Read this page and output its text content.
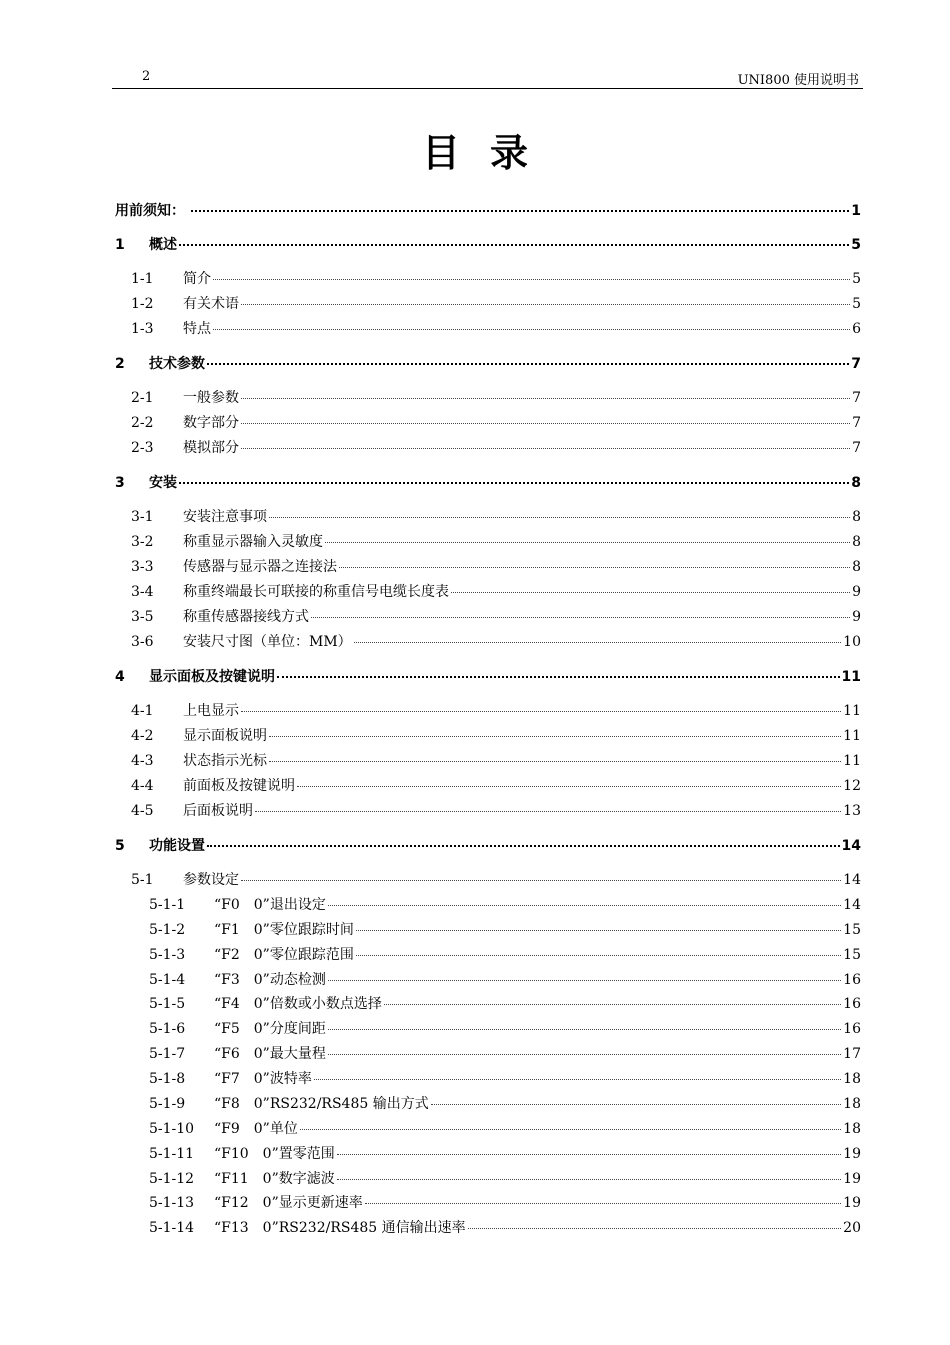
2	UNI800 使用说明书
目录
用前须知：	1
1	概述	5
1-1	简介	5
1-2	有关术语	5
1-3	特点	6
2	技术参数	7
2-1	一般参数	7
2-2	数字部分	7
2-3	模拟部分	7
3	安装	8
3-1	安装注意事项	8
3-2	称重显示器输入灵敏度	8
3-3	传感器与显示器之连接法	8
3-4	称重终端最长可联接的称重信号电缆长度表	9
3-5	称重传感器接线方式	9
3-6	安装尺寸图（单位：MM）	10
4	显示面板及按键说明	11
4-1	上电显示	11
4-2	显示面板说明	11
4-3	状态指示光标	11
4-4	前面板及按键说明	12
4-5	后面板说明	13
5	功能设置	14
5-1	参数设定	14
5-1-1	“F0　0”退出设定	14
5-1-2	“F1　0”零位跟踪时间	15
5-1-3	“F2　0”零位跟踪范围	15
5-1-4	“F3　0”动态检测	16
5-1-5	“F4　0”倍数或小数点选择	16
5-1-6	“F5　0”分度间距	16
5-1-7	“F6　0”最大量程	17
5-1-8	“F7　0”波特率	18
5-1-9	“F8　0”RS232/RS485 输出方式	18
5-1-10	“F9　0”单位	18
5-1-11	“F10　0”置零范围	19
5-1-12	“F11　0”数字滤波	19
5-1-13	“F12　0”显示更新速率	19
5-1-14	“F13　0”RS232/RS485 通信输出速率	20
